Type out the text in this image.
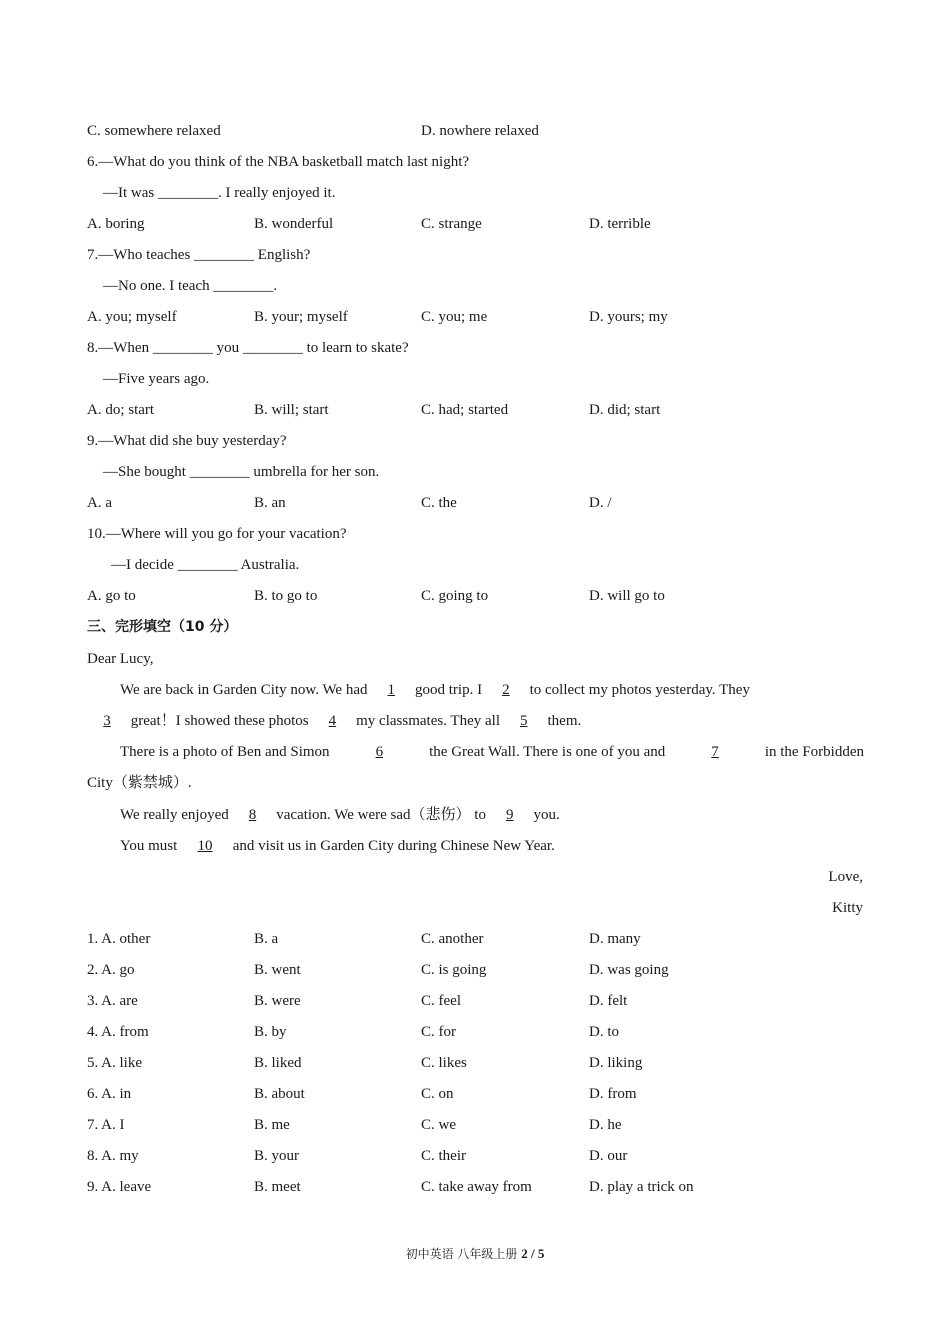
C. somewhere relaxed	D. nowhere relaxed
6.—What do you think of the NBA basketball match last night?
—It was ________. I really enjoyed it.
A. boring	B. wonderful	C. strange	D. terrible
7.—Who teaches ________ English?
—No one. I teach ________.
A. you; myself	B. your; myself	C. you; me	D. yours; my
8.—When ________ you ________ to learn to skate?
—Five years ago.
A. do; start	B. will; start	C. had; started	D. did; start
9.—What did she buy yesterday?
—She bought ________ umbrella for her son.
A. a	B. an	C. the	D. /
10.—Where will you go for your vacation?
—I decide ________ Australia.
A. go to	B. to go to	C. going to	D. will go to
三、完形填空（10 分）
Dear Lucy,
We are back in Garden City now. We had 1 good trip. I 2 to collect my photos yesterday. They
3 great！I showed these photos 4 my classmates. They all 5 them.
There is a photo of Ben and Simon	6	the Great Wall. There is one of you and	7	in the Forbidden
City（紫禁城）.
We really enjoyed 8 vacation. We were sad（悲伤） to 9 you.
You must 10 and visit us in Garden City during Chinese New Year.
Love,
Kitty
1. A. other	B. a	C. another	D. many
2. A. go	B. went	C. is going	D. was going
3. A. are	B. were	C. feel	D. felt
4. A. from	B. by	C. for	D. to
5. A. like	B. liked	C. likes	D. liking
6. A. in	B. about	C. on	D. from
7. A. I	B. me	C. we	D. he
8. A. my	B. your	C. their	D. our
9. A. leave	B. meet	C. take away from	D. play a trick on
初中英语 八年级上册 2 / 5
